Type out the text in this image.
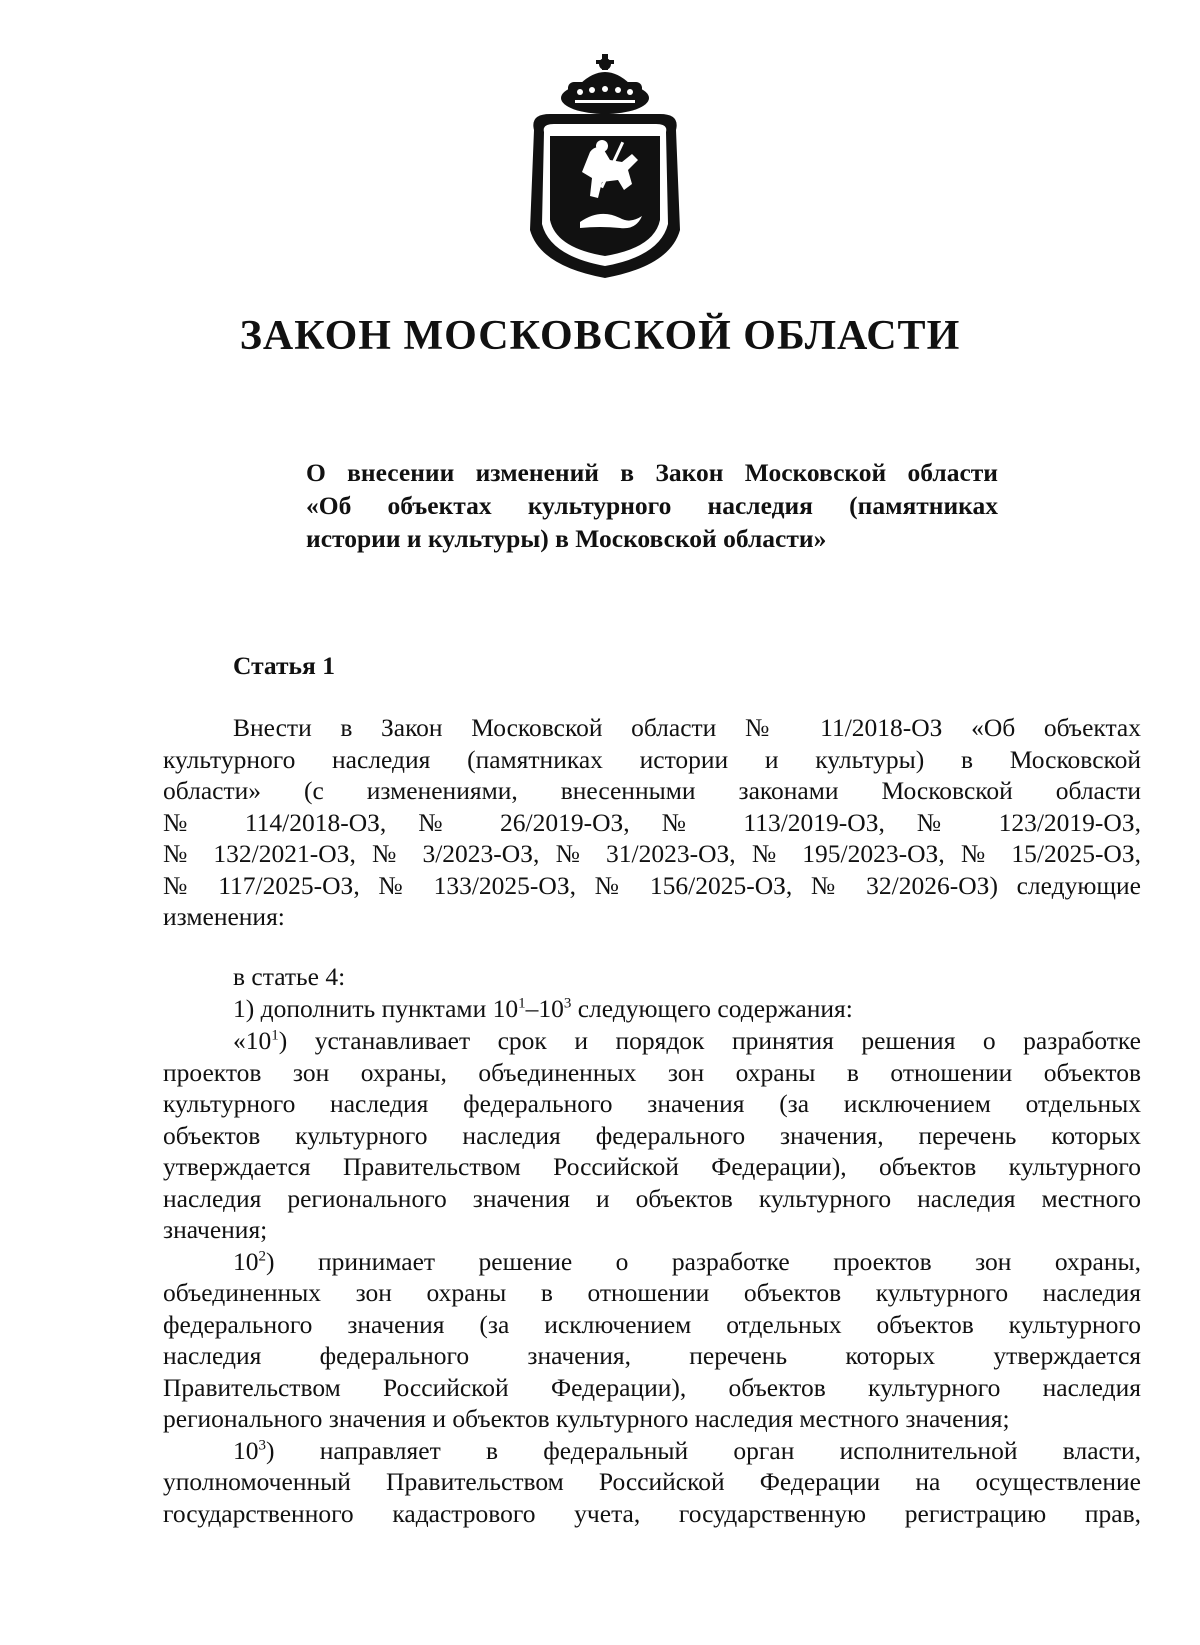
ЗАКОН МОСКОВСКОЙ ОБЛАСТИ
О внесении изменений в Закон Московской области
«Об объектах культурного наследия (памятниках
истории и культуры) в Московской области»
Статья 1
Внести в Закон Московской области № 11/2018-ОЗ «Об объектах
культурного наследия (памятниках истории и культуры) в Московской
области» (с изменениями, внесенными законами Московской области
№ 114/2018-ОЗ, № 26/2019-ОЗ, № 113/2019-ОЗ, № 123/2019-ОЗ,
№ 132/2021-ОЗ, № 3/2023-ОЗ, № 31/2023-ОЗ, № 195/2023-ОЗ, № 15/2025-ОЗ,
№ 117/2025-ОЗ, № 133/2025-ОЗ, № 156/2025-ОЗ, № 32/2026-ОЗ) следующие
изменения:
в статье 4:
1) дополнить пунктами $10^1-10^3$ следующего содержания:
«$10^1$) устанавливает срок и порядок принятия решения о разработке
проектов зон охраны, объединенных зон охраны в отношении объектов
культурного наследия федерального значения (за исключением отдельных
объектов культурного наследия федерального значения, перечень которых
утверждается Правительством Российской Федерации), объектов культурного
наследия регионального значения и объектов культурного наследия местного
значения;
$10^2$) принимает решение о разработке проектов зон охраны,
объединенных зон охраны в отношении объектов культурного наследия
федерального значения (за исключением отдельных объектов культурного
наследия федерального значения, перечень которых утверждается
Правительством Российской Федерации), объектов культурного наследия
регионального значения и объектов культурного наследия местного значения;
$10^3$) направляет в федеральный орган исполнительной власти,
уполномоченный Правительством Российской Федерации на осуществление
государственного кадастрового учета, государственную регистрацию прав,
